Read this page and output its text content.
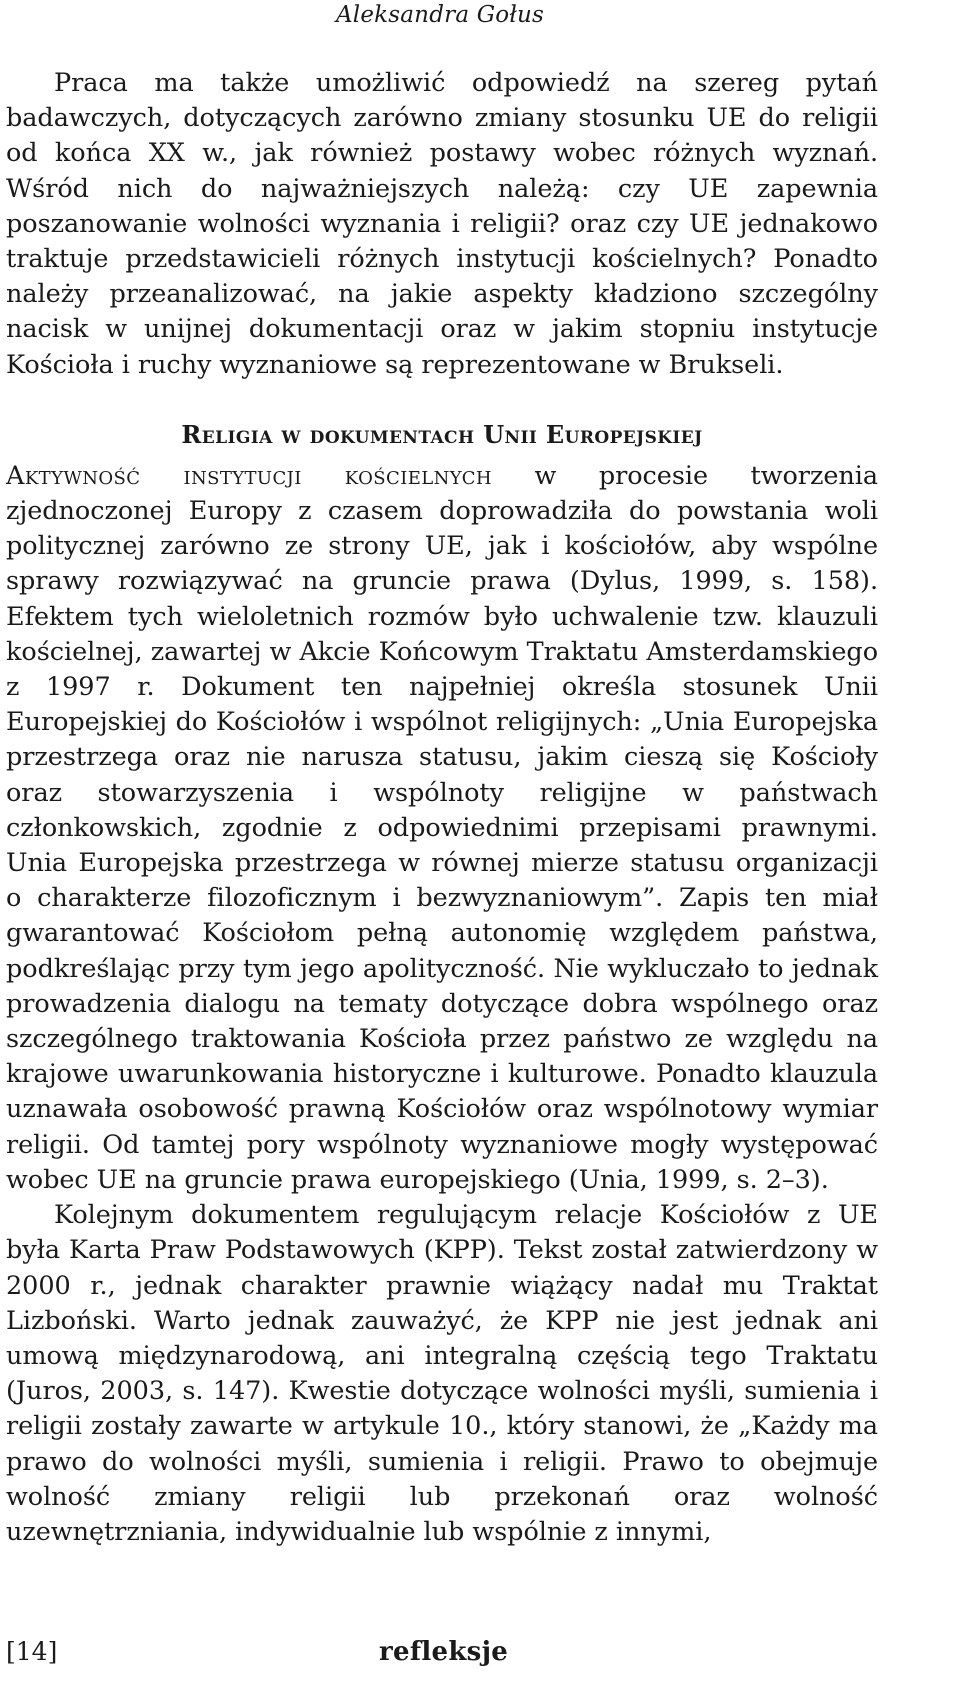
Aleksandra Gołus

Praca ma także umożliwić odpowiedź na szereg pytań badawczych, dotyczących zarówno zmiany stosunku UE do religii od końca XX w., jak również postawy wobec różnych wyznań. Wśród nich do najważniejszych należą: czy UE zapewnia poszanowanie wolności wyznania i religii? oraz czy UE jednakowo traktuje przedstawicieli różnych instytucji kościelnych? Ponadto należy przeanalizować, na jakie aspekty kładziono szczególny nacisk w unijnej dokumentacji oraz w jakim stopniu instytucje Kościoła i ruchy wyznaniowe są reprezentowane w Brukseli.

Religia w dokumentach Unii Europejskiej

Aktywność instytucji kościelnych w procesie tworzenia zjednoczonej Europy z czasem doprowadziła do powstania woli politycznej zarówno ze strony UE, jak i kościołów, aby wspólne sprawy rozwiązywać na gruncie prawa (Dylus, 1999, s. 158). Efektem tych wieloletnich rozmów było uchwalenie tzw. klauzuli kościelnej, zawartej w Akcie Końcowym Traktatu Amsterdamskiego z 1997 r. Dokument ten najpełniej określa stosunek Unii Europejskiej do Kościołów i wspólnot religijnych: „Unia Europejska przestrzega oraz nie narusza statusu, jakim cieszą się Kościoły oraz stowarzyszenia i wspólnoty religijne w państwach członkowskich, zgodnie z odpowiednimi przepisami prawnymi. Unia Europejska przestrzega w równej mierze statusu organizacji o charakterze filozoficznym i bezwyznaniowym”. Zapis ten miał gwarantować Kościołom pełną autonomię względem państwa, podkreślając przy tym jego apolityczność. Nie wykluczało to jednak prowadzenia dialogu na tematy dotyczące dobra wspólnego oraz szczególnego traktowania Kościoła przez państwo ze względu na krajowe uwarunkowania historyczne i kulturowe. Ponadto klauzula uznawała osobowość prawną Kościołów oraz wspólnotowy wymiar religii. Od tamtej pory wspólnoty wyznaniowe mogły występować wobec UE na gruncie prawa europejskiego (Unia, 1999, s. 2–3).

Kolejnym dokumentem regulującym relacje Kościołów z UE była Karta Praw Podstawowych (KPP). Tekst został zatwierdzony w 2000 r., jednak charakter prawnie wiążący nadał mu Traktat Lizboński. Warto jednak zauważyć, że KPP nie jest jednak ani umową międzynarodową, ani integralną częścią tego Traktatu (Juros, 2003, s. 147). Kwestie dotyczące wolności myśli, sumienia i religii zostały zawarte w artykule 10., który stanowi, że „Każdy ma prawo do wolności myśli, sumienia i religii. Prawo to obejmuje wolność zmiany religii lub przekonań oraz wolność uzewnętrzniania, indywidualnie lub wspólnie z innymi,

[14]	refleksje
